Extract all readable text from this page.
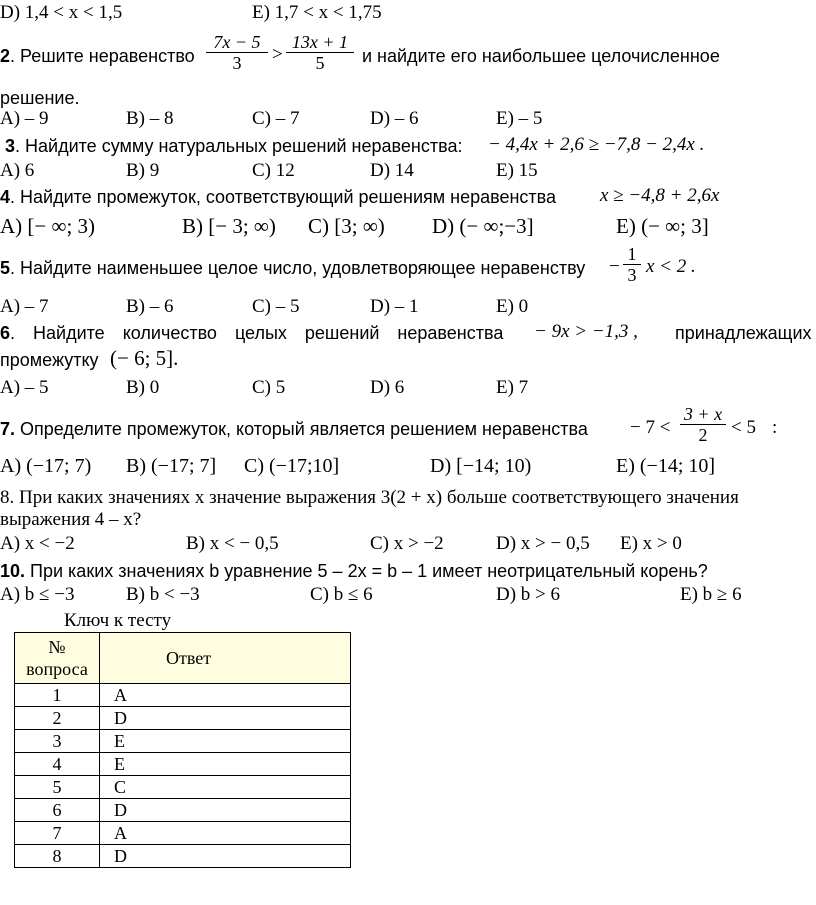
D) 1,4 < x < 1,5	E) 1,7 < x < 1,75
2. Решите неравенство
7x − 5
3	>
13x + 1
5	и найдите его наибольшее целочисленное
решение.
A) – 9	B) – 8	C) – 7	D) – 6	E) – 5
3. Найдите сумму натуральных решений неравенства: − 4,4x + 2,6 ≥ −7,8 − 2,4x .
A) 6	B) 9	C) 12	D) 14	E) 15
4. Найдите промежуток, соответствующий решениям неравенства x ≥ −4,8 + 2,6x
A) [− ∞; 3)	B) [− 3; ∞) C) [3; ∞) D) (− ∞;−3]	E) (− ∞; 3]
5. Найдите наименьшее целое число, удовлетворяющее неравенству −
1
3 x < 2 .
A) – 7	B) – 6	C) – 5	D) – 1	E) 0
6. Найдите количество целых решений неравенства − 9x > −1,3 , принадлежащих
промежутку (− 6; 5].
A) – 5	B) 0	C) 5	D) 6	E) 7
7. Определите промежуток, который является решением неравенства − 7 <
3 + x
2	< 5 :
A) (−17; 7) B) (−17; 7] C) (−17;10]	D) [−14; 10)	E) (−14; 10]
8. При каких значениях x значение выражения 3(2 + x) больше соответствующего значения
выражения 4 – x?
A) x < −2	B) x < − 0,5	C) x > −2	D) x > − 0,5 E) x > 0
10. При каких значениях b уравнение 5 – 2x = b – 1 имеет неотрицательный корень?
A) b ≤ −3	B) b < −3	C) b ≤ 6	D) b > 6	E) b ≥ 6
Ключ к тесту
№
вопроса	Ответ
1	A
2	D
3	E
4	E
5	C
6	D
7	A
8	D
